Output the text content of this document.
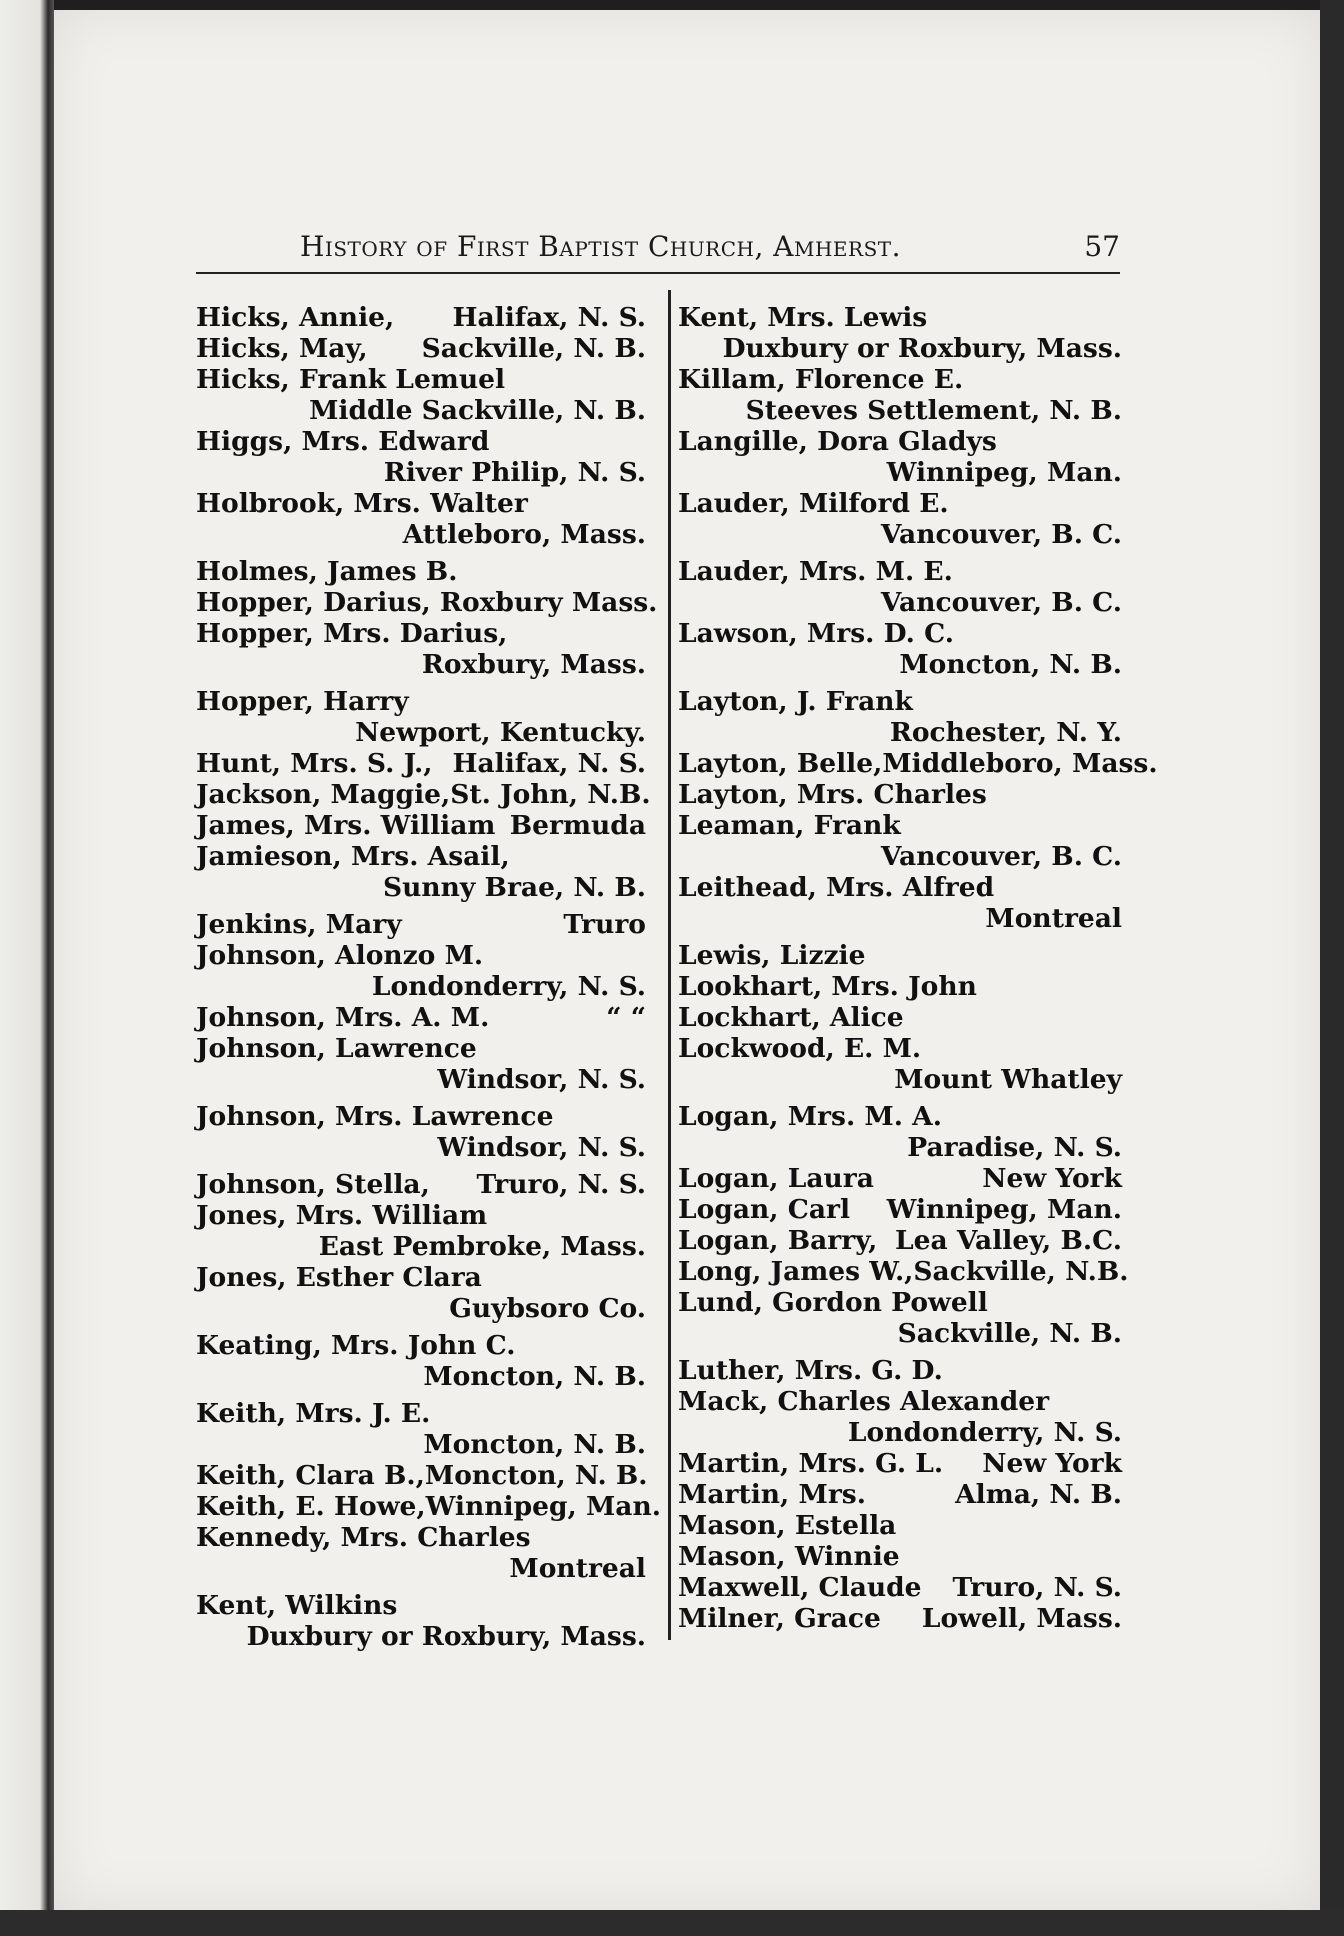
History of First Baptist Church, Amherst.	57
Hicks, Annie, Halifax, N. S.
Hicks, May, Sackville, N. B.
Hicks, Frank Lemuel
Middle Sackville, N. B.
Higgs, Mrs. Edward
River Philip, N. S.
Holbrook, Mrs. Walter
Attleboro, Mass.
Holmes, James B.
Hopper, Darius, Roxbury Mass.
Hopper, Mrs. Darius,
Roxbury, Mass.
Hopper, Harry
Newport, Kentucky.
Hunt, Mrs. S. J., Halifax, N. S.
Jackson, Maggie, St. John, N.B.
James, Mrs. William Bermuda
Jamieson, Mrs. Asail,
Sunny Brae, N. B.
Jenkins, Mary	Truro
Johnson, Alonzo M.
Londonderry, N. S.
Johnson, Mrs. A. M.	“ “
Johnson, Lawrence
Windsor, N. S.
Johnson, Mrs. Lawrence
Windsor, N. S.
Johnson, Stella, Truro, N. S.
Jones, Mrs. William
East Pembroke, Mass.
Jones, Esther Clara
Guybsoro Co.
Keating, Mrs. John C.
Moncton, N. B.
Keith, Mrs. J. E.
Moncton, N. B.
Keith, Clara B., Moncton, N. B.
Keith, E. Howe, Winnipeg, Man.
Kennedy, Mrs. Charles
Montreal
Kent, Wilkins
Duxbury or Roxbury, Mass.
Kent, Mrs. Lewis
Duxbury or Roxbury, Mass.
Killam, Florence E.
Steeves Settlement, N. B.
Langille, Dora Gladys
Winnipeg, Man.
Lauder, Milford E.
Vancouver, B. C.
Lauder, Mrs. M. E.
Vancouver, B. C.
Lawson, Mrs. D. C.
Moncton, N. B.
Layton, J. Frank
Rochester, N. Y.
Layton, Belle, Middleboro, Mass.
Layton, Mrs. Charles
Leaman, Frank
Vancouver, B. C.
Leithead, Mrs. Alfred
Montreal
Lewis, Lizzie
Lookhart, Mrs. John
Lockhart, Alice
Lockwood, E. M.
Mount Whatley
Logan, Mrs. M. A.
Paradise, N. S.
Logan, Laura	New York
Logan, Carl Winnipeg, Man.
Logan, Barry, Lea Valley, B.C.
Long, James W., Sackville, N.B.
Lund, Gordon Powell
Sackville, N. B.
Luther, Mrs. G. D.
Mack, Charles Alexander
Londonderry, N. S.
Martin, Mrs. G. L. New York
Martin, Mrs.	Alma, N. B.
Mason, Estella
Mason, Winnie
Maxwell, Claude Truro, N. S.
Milner, Grace Lowell, Mass.
